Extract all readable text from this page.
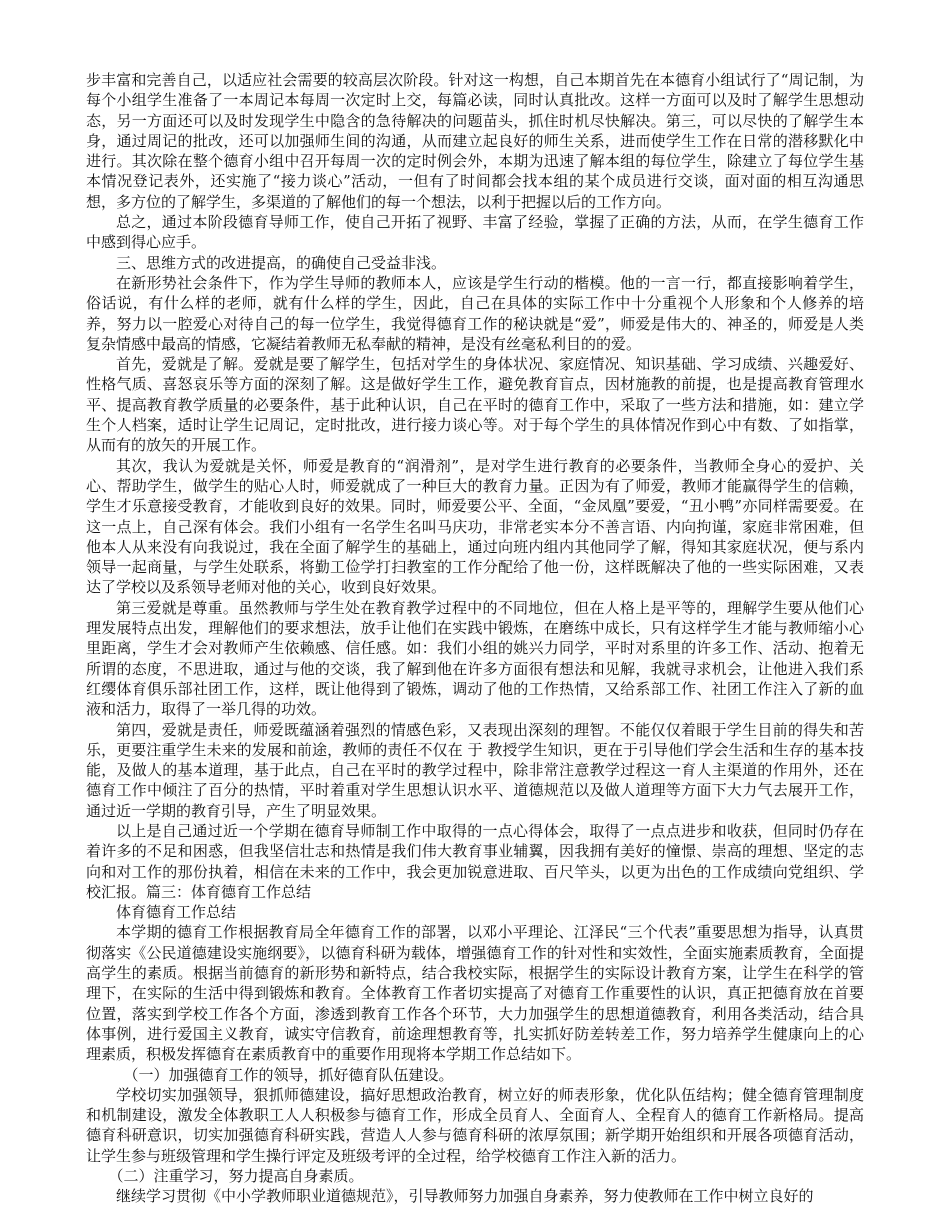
步丰富和完善自己，以适应社会需要的较高层次阶段。针对这一构想，自己本期首先在本德育小组试行了“周记制，为每个小组学生准备了一本周记本每周一次定时上交，每篇必读，同时认真批改。这样一方面可以及时了解学生思想动态，另一方面还可以及时发现学生中隐含的急待解决的问题苗头，抓住时机尽快解决。第三，可以尽快的了解学生本身，通过周记的批改，还可以加强师生间的沟通，从而建立起良好的师生关系，进而使学生工作在日常的潜移默化中进行。其次除在整个德育小组中召开每周一次的定时例会外，本期为迅速了解本组的每位学生，除建立了每位学生基本情况登记表外，还实施了“接力谈心”活动，一但有了时间都会找本组的某个成员进行交谈，面对面的相互沟通思想，多方位的了解学生，多渠道的了解他们的每一个想法，以利于把握以后的工作方向。

总之，通过本阶段德育导师工作，使自己开拓了视野、丰富了经验，掌握了正确的方法，从而，在学生德育工作中感到得心应手。

三、思维方式的改进提高，的确使自己受益非浅。

在新形势社会条件下，作为学生导师的教师本人，应该是学生行动的楷模。他的一言一行，都直接影响着学生，俗话说，有什么样的老师，就有什么样的学生，因此，自己在具体的实际工作中十分重视个人形象和个人修养的培养，努力以一腔爱心对待自己的每一位学生，我觉得德育工作的秘诀就是“爱”，师爱是伟大的、神圣的，师爱是人类复杂情感中最高的情感，它凝结着教师无私奉献的精神，是没有丝毫私利目的的爱。

首先，爱就是了解。爱就是要了解学生，包括对学生的身体状况、家庭情况、知识基础、学习成绩、兴趣爱好、性格气质、喜怒哀乐等方面的深刻了解。这是做好学生工作，避免教育盲点，因材施教的前提，也是提高教育管理水平、提高教育教学质量的必要条件，基于此种认识，自己在平时的德育工作中，采取了一些方法和措施，如：建立学生个人档案，适时让学生记周记，定时批改，进行接力谈心等。对于每个学生的具体情况作到心中有数、了如指掌，从而有的放矢的开展工作。

其次，我认为爱就是关怀，师爱是教育的“润滑剂”，是对学生进行教育的必要条件，当教师全身心的爱护、关心、帮助学生，做学生的贴心人时，师爱就成了一种巨大的教育力量。正因为有了师爱，教师才能赢得学生的信赖，学生才乐意接受教育，才能收到良好的效果。同时，师爱要公平、全面，“金凤凰”要爱，“丑小鸭”亦同样需要爱。在这一点上，自己深有体会。我们小组有一名学生名叫马庆功，非常老实本分不善言语、内向拘谨，家庭非常困难，但他本人从来没有向我说过，我在全面了解学生的基础上，通过向班内组内其他同学了解，得知其家庭状况，便与系内领导一起商量，与学生处联系，将勤工俭学打扫教室的工作分配给了他一份，这样既解决了他的一些实际困难，又表达了学校以及系领导老师对他的关心，收到良好效果。

第三爱就是尊重。虽然教师与学生处在教育教学过程中的不同地位，但在人格上是平等的，理解学生要从他们心理发展特点出发，理解他们的要求想法，放手让他们在实践中锻炼，在磨练中成长，只有这样学生才能与教师缩小心里距离，学生才会对教师产生依赖感、信任感。如：我们小组的姚兴力同学，平时对系里的许多工作、活动、抱着无所谓的态度，不思进取，通过与他的交谈，我了解到他在许多方面很有想法和见解，我就寻求机会，让他进入我们系红缨体育俱乐部社团工作，这样，既让他得到了锻炼，调动了他的工作热情，又给系部工作、社团工作注入了新的血液和活力，取得了一举几得的功效。

第四，爱就是责任，师爱既蕴涵着强烈的情感色彩，又表现出深刻的理智。不能仅仅着眼于学生目前的得失和苦乐，更要注重学生未来的发展和前途，教师的责任不仅在 于 教授学生知识，更在于引导他们学会生活和生存的基本技能，及做人的基本道理，基于此点，自己在平时的教学过程中，除非常注意教学过程这一育人主渠道的作用外，还在德育工作中倾注了百分的热情，平时着重对学生思想认识水平、道德规范以及做人道理等方面下大力气去展开工作，通过近一学期的教育引导，产生了明显效果。

以上是自己通过近一个学期在德育导师制工作中取得的一点心得体会，取得了一点点进步和收获，但同时仍存在着许多的不足和困惑，但我坚信壮志和热情是我们伟大教育事业辅翼，因我拥有美好的憧憬、崇高的理想、坚定的志向和对工作的那份执着，相信在未来的工作中，我会更加锐意进取、百尺竿头，以更为出色的工作成绩向党组织、学校汇报。篇三：体育德育工作总结

体育德育工作总结

本学期的德育工作根据教育局全年德育工作的部署，以邓小平理论、江泽民“三个代表”重要思想为指导，认真贯彻落实《公民道德建设实施纲要》，以德育科研为载体，增强德育工作的针对性和实效性，全面实施素质教育，全面提高学生的素质。根据当前德育的新形势和新特点，结合我校实际，根据学生的实际设计教育方案，让学生在科学的管理下，在实际的生活中得到锻炼和教育。全体教育工作者切实提高了对德育工作重要性的认识，真正把德育放在首要位置，落实到学校工作各个方面，渗透到教育工作各个环节，大力加强学生的思想道德教育，利用各类活动，结合具体事例，进行爱国主义教育，诚实守信教育，前途理想教育等，扎实抓好防差转差工作，努力培养学生健康向上的心理素质，积极发挥德育在素质教育中的重要作用现将本学期工作总结如下。

（一）加强德育工作的领导，抓好德育队伍建设。

学校切实加强领导，狠抓师德建设，搞好思想政治教育，树立好的师表形象，优化队伍结构；健全德育管理制度和机制建设，激发全体教职工人人积极参与德育工作，形成全员育人、全面育人、全程育人的德育工作新格局。提高德育科研意识，切实加强德育科研实践，营造人人参与德育科研的浓厚氛围；新学期开始组织和开展各项德育活动，让学生参与班级管理和学生操行评定及班级考评的全过程，给学校德育工作注入新的活力。

（二）注重学习，努力提高自身素质。

继续学习贯彻《中小学教师职业道德规范》，引导教师努力加强自身素养，努力使教师在工作中树立良好的
